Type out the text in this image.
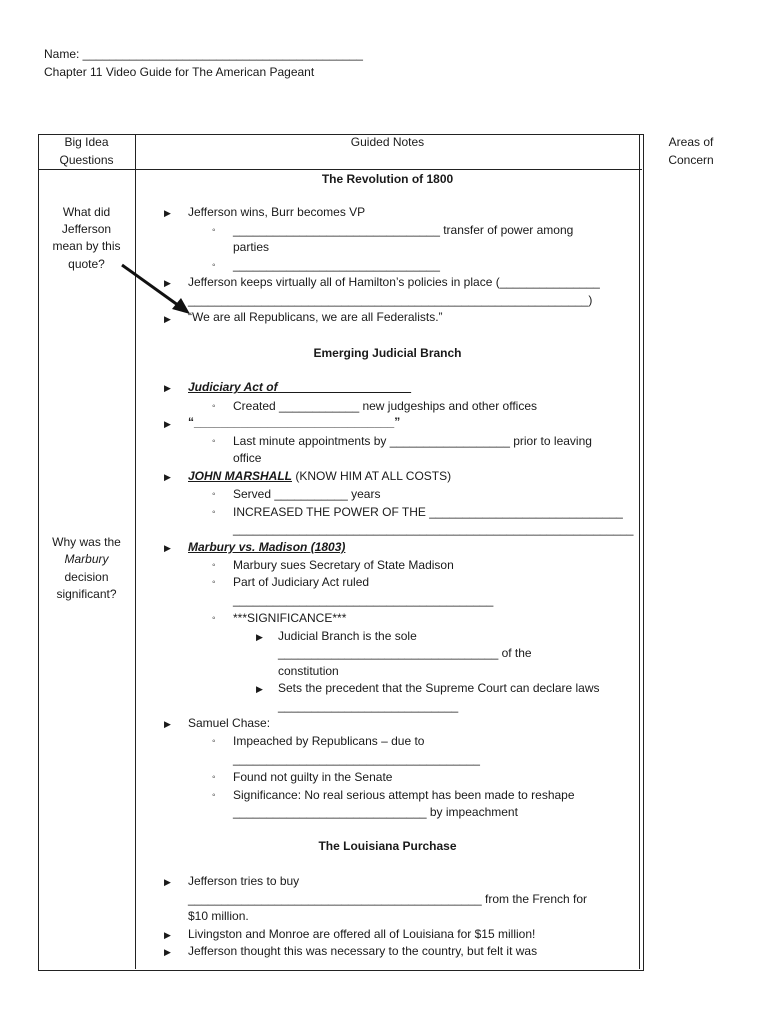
Name: __________________________________________
Chapter 11 Video Guide for The American Pageant
Big Idea
Questions
Guided Notes	Areas of
Concern
What did
Jefferson
mean by this
quote?
Why was the
Marbury
decision
significant?
The Revolution of 1800
Emerging Judicial Branch
The Louisiana Purchase
▶ Jefferson wins, Burr becomes VP
◦ _______________________________ transfer of power among
parties
◦ _______________________________
▶ Jefferson keeps virtually all of Hamilton’s policies in place (_______________
____________________________________________________________)
▶ “We are all Republicans, we are all Federalists.”
▶ Judiciary Act of____________________
◦ Created ____________ new judgeships and other offices
▶ “______________________________”
◦ Last minute appointments by __________________ prior to leaving
office
▶ JOHN MARSHALL (KNOW HIM AT ALL COSTS)
◦ Served ___________ years
◦ INCREASED THE POWER OF THE _____________________________
____________________________________________________________
▶ Marbury vs. Madison (1803)
◦ Marbury sues Secretary of State Madison
◦ Part of Judiciary Act ruled
_______________________________________
◦ ***SIGNIFICANCE***
▶ Judicial Branch is the sole
_________________________________ of the
constitution
▶ Sets the precedent that the Supreme Court can declare laws
___________________________
▶ Samuel Chase:
◦ Impeached by Republicans – due to
_____________________________________
◦ Found not guilty in the Senate
◦ Significance: No real serious attempt has been made to reshape
_____________________________ by impeachment
▶ Jefferson tries to buy
____________________________________________ from the French for
$10 million.
▶ Livingston and Monroe are offered all of Louisiana for $15 million!
▶ Jefferson thought this was necessary to the country, but felt it was
